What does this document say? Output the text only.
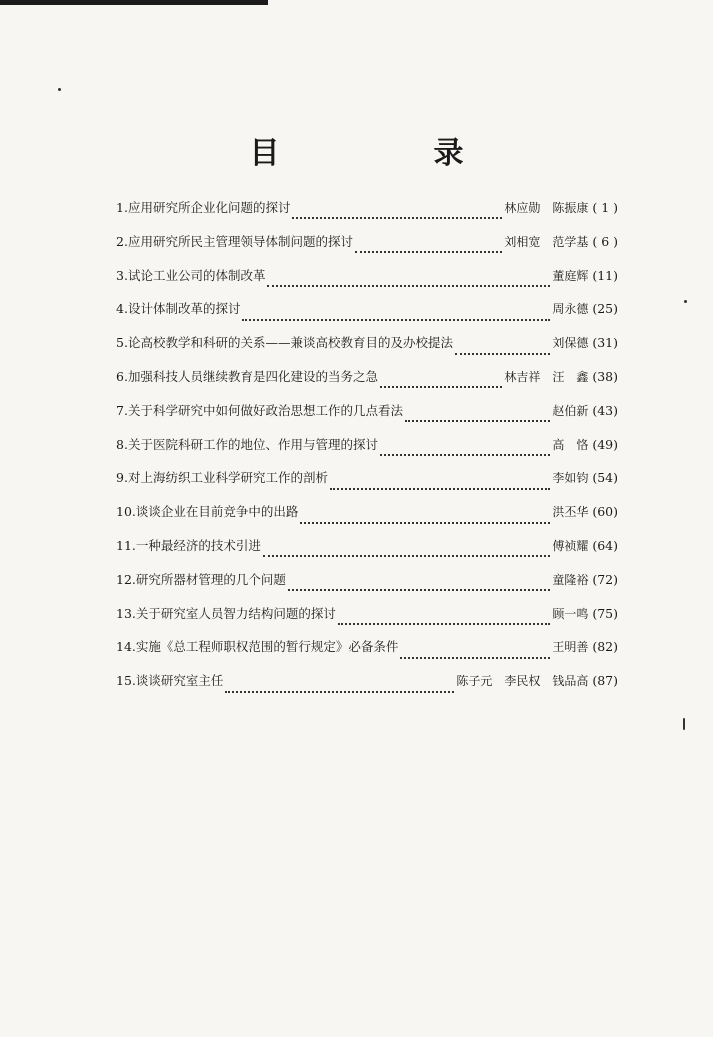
目　录
1. 应用研究所企业化问题的探讨	林应勋　陈振康 ( 1 )
2. 应用研究所民主管理领导体制问题的探讨	刘相宽　范学基 ( 6 )
3. 试论工业公司的体制改革	董庭辉 (11)
4. 设计体制改革的探讨	周永德 (25)
5. 论高校教学和科研的关系——兼谈高校教育目的及办校提法	刘保德 (31)
6. 加强科技人员继续教育是四化建设的当务之急	林吉祥　汪　鑫 (38)
7. 关于科学研究中如何做好政治思想工作的几点看法	赵伯新 (43)
8. 关于医院科研工作的地位、作用与管理的探讨	高　恪 (49)
9. 对上海纺织工业科学研究工作的剖析	李如钧 (54)
10. 谈谈企业在目前竞争中的出路	洪丕华 (60)
11. 一种最经济的技术引进	傅祯耀 (64)
12. 研究所器材管理的几个问题	童隆裕 (72)
13. 关于研究室人员智力结构问题的探讨	顾一鸣 (75)
14. 实施《总工程师职权范围的暂行规定》必备条件	王明善 (82)
15. 谈谈研究室主任	陈子元　李民权　钱品高 (87)
